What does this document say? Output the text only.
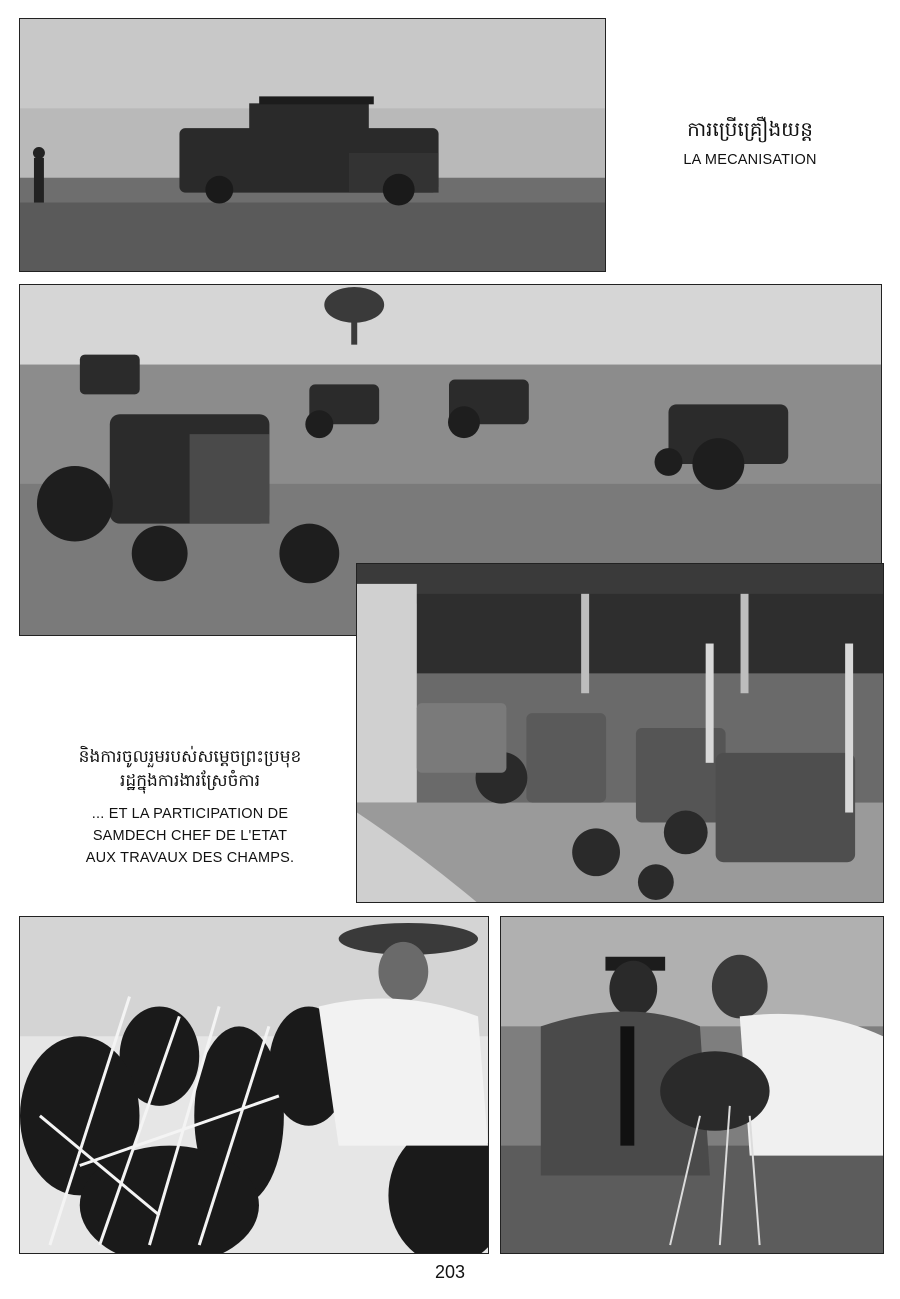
ការប្រើគ្រឿងយន្ត
LA MECANISATION
និងការចូលរួមរបស់សម្ដេចព្រះប្រមុខ
រដ្ឋក្នុងការងារស្រែចំការ
... ET LA PARTICIPATION DE
SAMDECH CHEF DE L'ETAT
AUX TRAVAUX DES CHAMPS.
203
